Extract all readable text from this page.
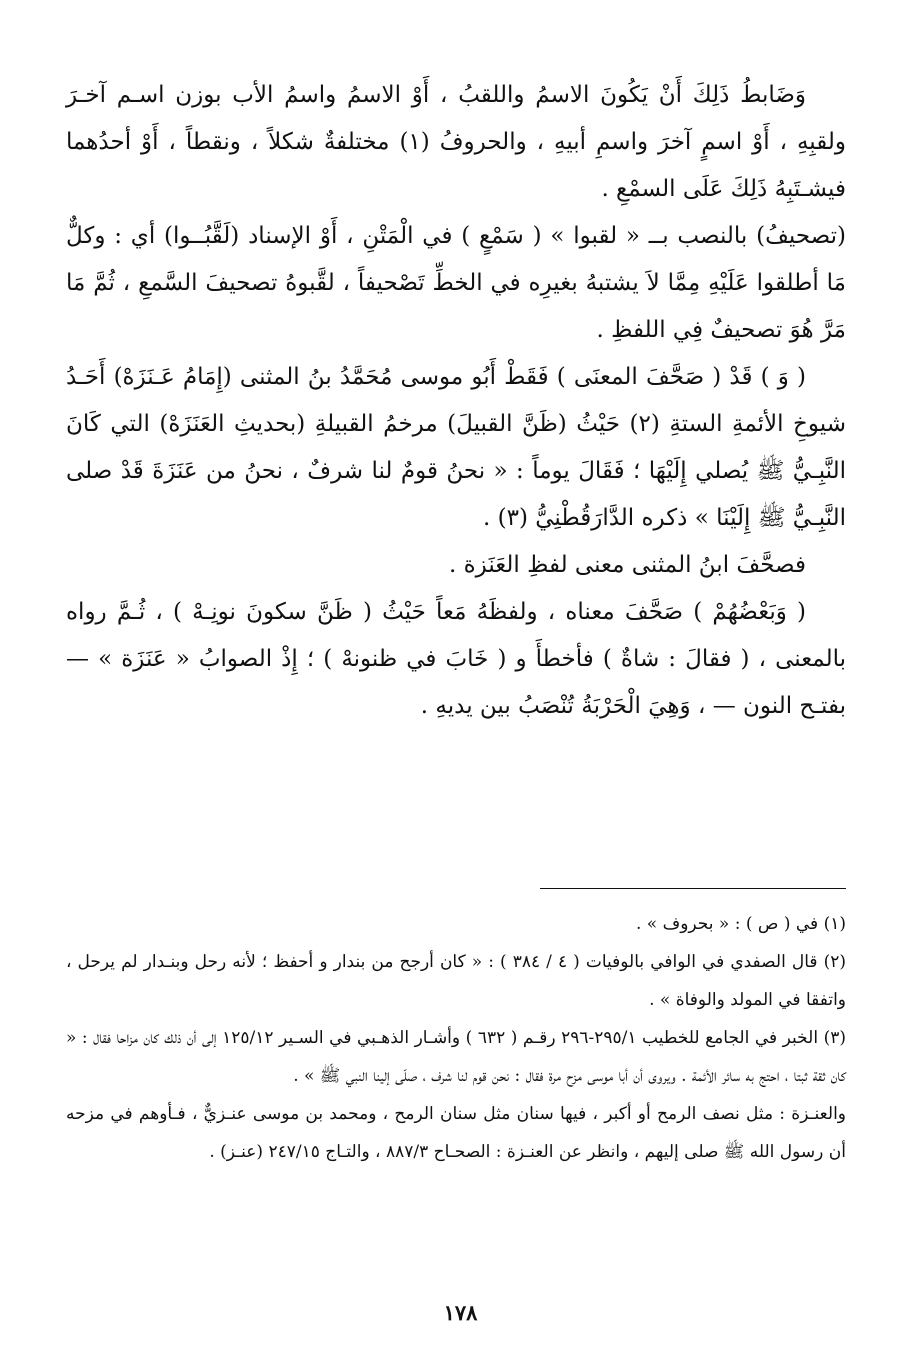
وَضَابطُ ذَلِكَ أَنْ يَكُونَ الاسمُ واللقبُ ، أَوْ الاسمُ واسمُ الأب بوزن اسـم آخـرَ ولقبِهِ ، أَوْ اسمٍ آخرَ واسمِ أبيهِ ، والحروفُ (١) مختلفةٌ شكلاً ، ونقطاً ، أَوْ أحدُهما فيشـتَبِهُ ذَلِكَ عَلَى السمْعِ .

(تصحيفُ) بالنصب بــ « لقبوا » ( سَمْعٍ ) في الْمَتْنِ ، أَوْ الإسناد (لَقَّبُــوا) أي : وكلٌّ مَا أطلقوا عَلَيْهِ مِمَّا لاَ يشتبهُ بغيرِه في الخطِّ تَصْحيفاً ، لقَّبوهُ تصحيفَ السَّمعِ ، ثُمَّ مَا مَرَّ هُوَ تصحيفٌ فِي اللفظِ .

( وَ ) قَدْ ( صَحَّفَ المعنَى ) فَقَطْ أَبُو موسى مُحَمَّدُ بنُ المثنى (إِمَامُ عَـنَزَهْ) أَحَـدُ شيوخِ الأئمةِ الستةِ (٢) حَيْثُ (ظَنَّ القبيلَ) مرخمُ القبيلةِ (بحديثِ العَنَزَهْ) التي كَانَ النَّبِـيُّ ﷺ يُصلي إِلَيْهَا ؛ فَقَالَ يوماً : « نحنُ قومٌ لنا شرفٌ ، نحنُ من عَنَزَةَ قَدْ صلى النَّبِـيُّ ﷺ إِلَيْنَا » ذكره الدَّارَقُطْنِيُّ (٣) .

فصحَّفَ ابنُ المثنى معنى لفظِ العَنَزة .

( وَبَعْضُهُمْ ) صَحَّفَ معناه ، ولفظَهُ مَعاً حَيْثُ ( ظَنَّ سكونَ نونِـهْ ) ، ثُـمَّ رواه بالمعنى ، ( فقالَ : شاةٌ ) فأخطأَ و ( خَابَ في ظنونهْ ) ؛ إِذْ الصوابُ « عَنَزَة » — بفتـح النون — ، وَهِيَ الْحَرْبَةُ تُنْصَبُ بين يديهِ .

(١) في ( ص ) : « بحروف » .

(٢) قال الصفدي في الوافي بالوفيات ( ٤ / ٣٨٤ ) : « كان أرجح من بندار و أحفظ ؛ لأنه رحل وبنـدار لم يرحل ، واتفقا في المولد والوفاة » .

(٣) الخبر في الجامع للخطيب ٢٩٥/١-٢٩٦ رقـم ( ٦٣٢ ) وأشـار الذهـبي في السـير ١٢٥/١٢ إلى أن ذلك كان مزاحا فقال : « كان ثقة ثبتا ، احتج به سائر الأئمة . ويروى أن أبا موسى مزح مرة فقال : نحن قوم لنا شرف ، صلّى إلينا النبي ﷺ » .

والعنـزة : مثل نصف الرمح أو أكبر ، فيها سنان مثل سنان الرمح ، ومحمد بن موسى عنـزيٌّ ، فـأوهم في مزحه أن رسول الله ﷺ صلى إليهم ، وانظر عن العنـزة : الصحـاح ٨٨٧/٣ ، والتـاج ٢٤٧/١٥ (عنـز) .

١٧٨
